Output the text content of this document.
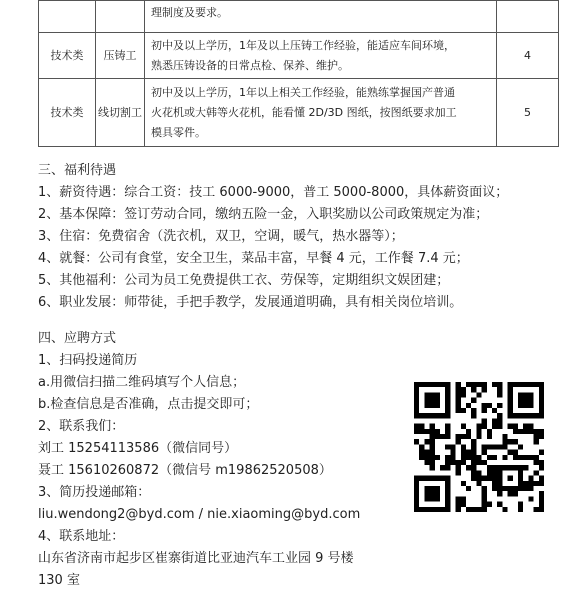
		理制度及要求。	

技术类	压铸工	初中及以上学历，1年及以上压铸工作经验，能适应车间环境，
熟悉压铸设备的日常点检、保养、维护。	4
技术类	线切割工	初中及以上学历，1年以上相关工作经验，能熟练掌握国产普通
火花机或大韩等火花机，能看懂 2D/3D 图纸，按图纸要求加工
模具零件。	5
三、福利待遇
1、薪资待遇：综合工资：技工 6000-9000，普工 5000-8000，具体薪资面议；
2、基本保障：签订劳动合同，缴纳五险一金，入职奖励以公司政策规定为准；
3、住宿：免费宿舍（洗衣机，双卫，空调，暖气，热水器等）；
4、就餐：公司有食堂，安全卫生，菜品丰富，早餐 4 元，工作餐 7.4 元；
5、其他福利：公司为员工免费提供工衣、劳保等，定期组织文娱团建；
6、职业发展：师带徒，手把手教学，发展通道明确，具有相关岗位培训。
四、应聘方式
1、扫码投递简历
a.用微信扫描二维码填写个人信息；
b.检查信息是否准确，点击提交即可；
2、联系我们：
刘工 15254113586（微信同号）
聂工 15610260872（微信号 m19862520508）
3、简历投递邮箱：
liu.wendong2@byd.com / nie.xiaoming@byd.com
4、联系地址：
山东省济南市起步区崔寨街道比亚迪汽车工业园 9 号楼
130 室
